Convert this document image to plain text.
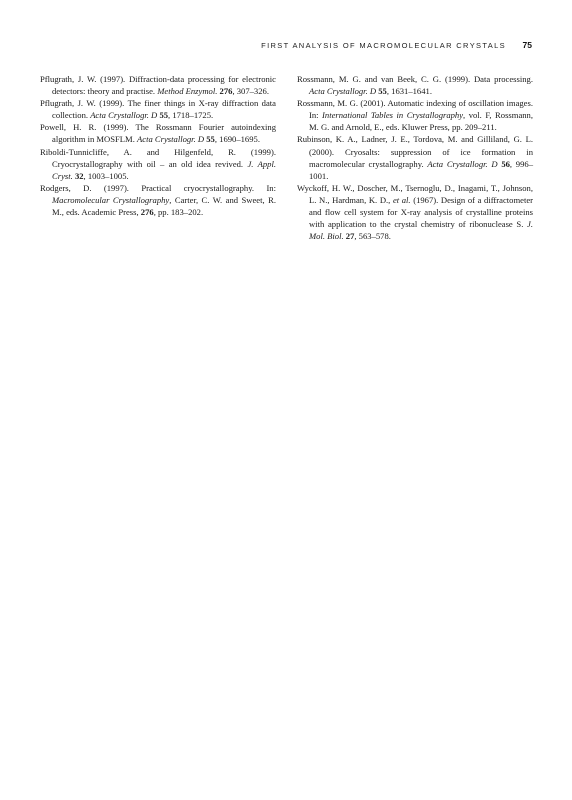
FIRST ANALYSIS OF MACROMOLECULAR CRYSTALS 75

Pflugrath, J. W. (1997). Diffraction-data processing for electronic detectors: theory and practise. Method Enzymol. 276, 307–326.

Pflugrath, J. W. (1999). The finer things in X-ray diffraction data collection. Acta Crystallogr. D 55, 1718–1725.

Powell, H. R. (1999). The Rossmann Fourier autoindexing algorithm in MOSFLM. Acta Crystallogr. D 55, 1690–1695.

Riboldi-Tunnicliffe, A. and Hilgenfeld, R. (1999). Cryocrystallography with oil – an old idea revived. J. Appl. Cryst. 32, 1003–1005.

Rodgers, D. (1997). Practical cryocrystallography. In: Macromolecular Crystallography, Carter, C. W. and Sweet, R. M., eds. Academic Press, 276, pp. 183–202.

Rossmann, M. G. and van Beek, C. G. (1999). Data processing. Acta Crystallogr. D 55, 1631–1641.

Rossmann, M. G. (2001). Automatic indexing of oscillation images. In: International Tables in Crystallography, vol. F, Rossmann, M. G. and Arnold, E., eds. Kluwer Press, pp. 209–211.

Rubinson, K. A., Ladner, J. E., Tordova, M. and Gilliland, G. L. (2000). Cryosalts: suppression of ice formation in macromolecular crystallography. Acta Crystallogr. D 56, 996–1001.

Wyckoff, H. W., Doscher, M., Tsernoglu, D., Inagami, T., Johnson, L. N., Hardman, K. D., et al. (1967). Design of a diffractometer and flow cell system for X-ray analysis of crystalline proteins with application to the crystal chemistry of ribonuclease S. J. Mol. Biol. 27, 563–578.
